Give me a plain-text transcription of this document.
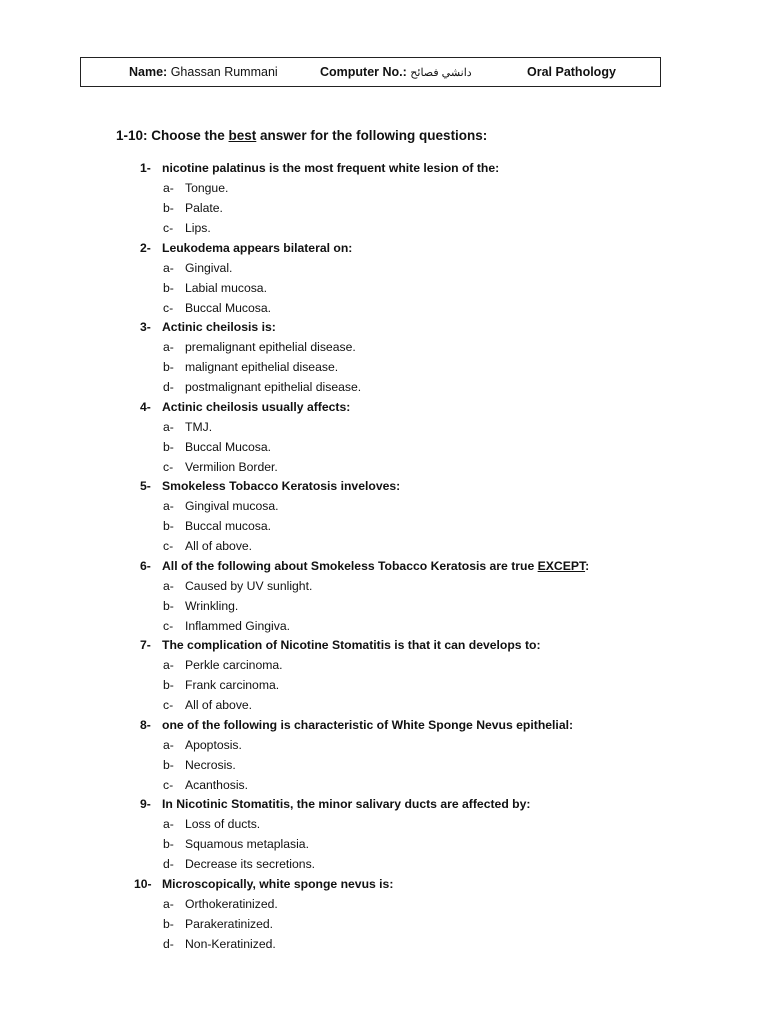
Name: Ghassan Rummani	Computer No.: دانشي فصائح	Oral Pathology
1-10: Choose the best answer for the following questions:
1- nicotine palatinus is the most frequent white lesion of the:
a- Tongue.
b- Palate.
c- Lips.
2- Leukodema appears bilateral on:
a- Gingival.
b- Labial mucosa.
c- Buccal Mucosa.
3- Actinic cheilosis is:
a- premalignant epithelial disease.
b- malignant epithelial disease.
d- postmalignant epithelial disease.
4- Actinic cheilosis usually affects:
a- TMJ.
b- Buccal Mucosa.
c- Vermilion Border.
5- Smokeless Tobacco Keratosis inveloves:
a- Gingival mucosa.
b- Buccal mucosa.
c- All of above.
6- All of the following about Smokeless Tobacco Keratosis are true EXCEPT:
a- Caused by UV sunlight.
b- Wrinkling.
c- Inflammed Gingiva.
7- The complication of Nicotine Stomatitis is that it can develops to:
a- Perkle carcinoma.
b- Frank carcinoma.
c- All of above.
8- one of the following is characteristic of White Sponge Nevus epithelial:
a- Apoptosis.
b- Necrosis.
c- Acanthosis.
9- In Nicotinic Stomatitis, the minor salivary ducts are affected by:
a- Loss of ducts.
b- Squamous metaplasia.
d- Decrease its secretions.
10- Microscopically, white sponge nevus is:
a- Orthokeratinized.
b- Parakeratinized.
d- Non-Keratinized.
